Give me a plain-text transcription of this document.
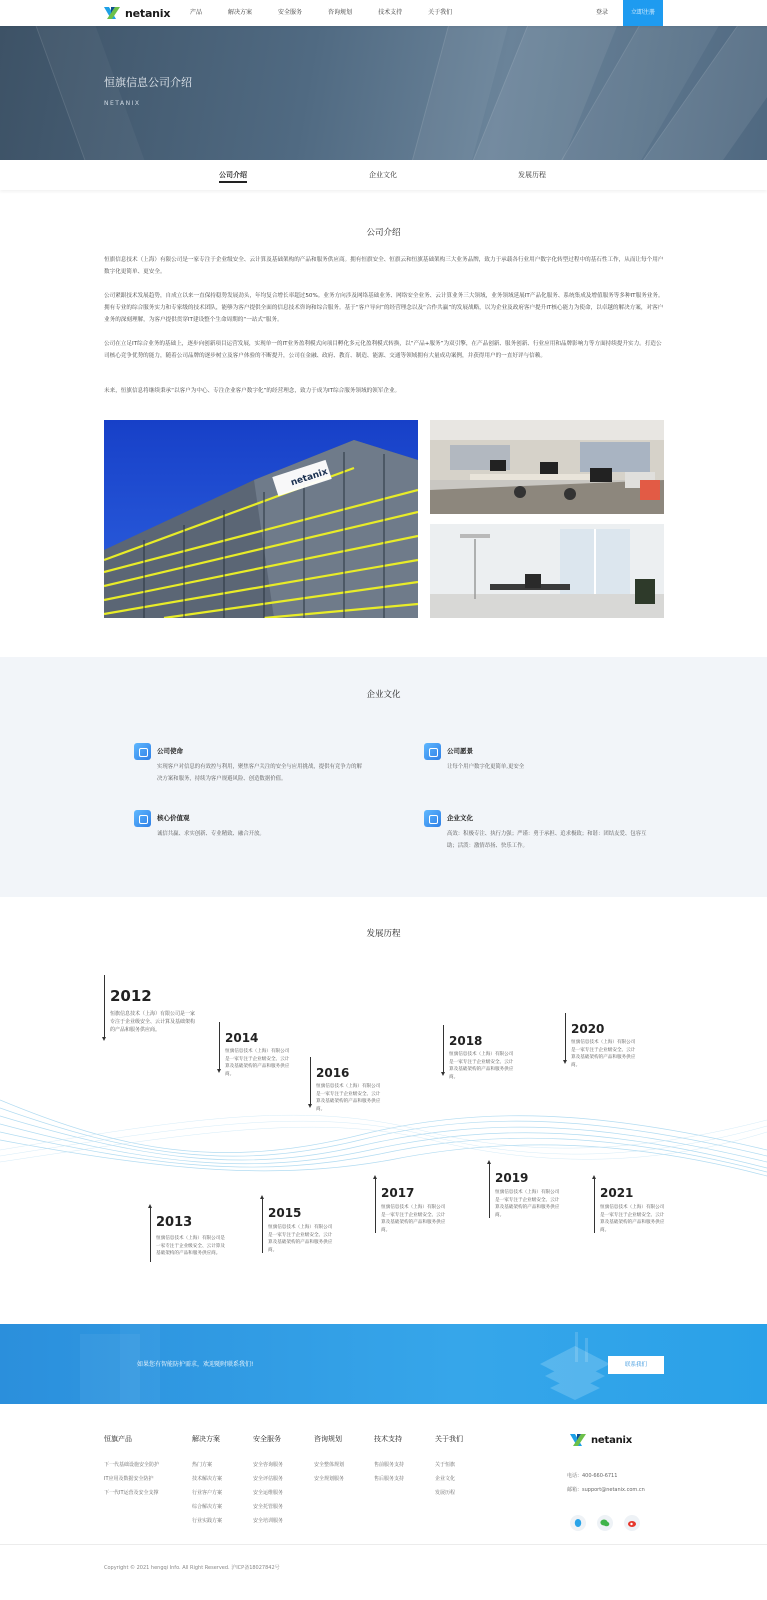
netanix	产品	解决方案	安全服务	咨询规划	技术支持	关于我们	登录	立即注册
恒旗信息公司介绍
NETANIX
公司介绍	企业文化	发展历程
公司介绍

恒旗信息技术（上海）有限公司是一家专注于企业级安全、云计算及基础架构的产品和服务供应商。拥有恒旗安全、恒旗云和恒旗基础架构三大业务品牌，致力于承载各行业用户数字化转型过程中的基石性工作，从而让每个用户数字化更简单、更安全。

公司紧跟技术发展趋势，自成立以来一直保持稳势发展劲头，年均复合增长率超过50%。业务方向涉及网络基础业务、网络安全业务、云计算业务三大领域，业务领域延展IT产品化服务、系统集成及增值服务等多种IT服务业务。拥有专业的综合服务实力和专家级的技术团队，能够为客户提供全面的信息技术咨询和综合服务。基于“客户导向”的经营理念以及“合作共赢”的发展战略，以为企业及政府客户提升IT核心能力为使命，以卓越的解决方案，对客户业务的深刻理解，为客户提供贯穿IT建设整个生命周期的“一站式”服务。

公司在立足IT综合业务的基础上，逐步向创新项目运营发展，实现单一的IT业务盈利模式向项目孵化多元化盈利模式转换，以“产品+服务”为双引擎，在产品创新、服务创新、行业应用和品牌影响力等方面持续提升实力。打造公司核心竞争优势的能力，随着公司品牌的逐步树立及客户体验的不断提升，公司在金融、政府、教育、制造、能源、交通等领域拥有大量成功案例，并获得用户的一直好评与信赖。

未来，恒旗信息将继续秉承“以客户为中心、专注企业客户数字化”的经营理念，致力于成为IT综合服务领域的领军企业。

netanix
企业文化
公司使命
实现客户对信息的有效控与利用，聚焦客户关注的安全与应用挑战，提供有竞争力的解决方案和服务，持续为客户规避风险、创造数据价值。
公司愿景
让每个用户数字化更简单,更安全
核心价值观
诚信共赢、求实创新、专业精致、融合开放。
企业文化
高效：积极专注、执行力强；严谨：勇于承担、追求极致；和谐：团结友爱、包容互助；活泼：激情昂扬、快乐工作。
发展历程
2012
恒旗信息技术（上海）有限公司是一家专注于企业级安全、云计算及基础架构的产品和服务供应商。
2014
恒旗信息技术（上海）有限公司是一家专注于企业级安全、云计算及基础架构的产品和服务供应商。	2016
恒旗信息技术（上海）有限公司是一家专注于企业级安全、云计算及基础架构的产品和服务供应商。
2018
恒旗信息技术（上海）有限公司是一家专注于企业级安全、云计算及基础架构的产品和服务供应商。
2020
恒旗信息技术（上海）有限公司是一家专注于企业级安全、云计算及基础架构的产品和服务供应商。
2013
恒旗信息技术（上海）有限公司是一家专注于企业级安全、云计算及基础架构的产品和服务供应商。
2015
恒旗信息技术（上海）有限公司是一家专注于企业级安全、云计算及基础架构的产品和服务供应商。
2017
恒旗信息技术（上海）有限公司是一家专注于企业级安全、云计算及基础架构的产品和服务供应商。
2019
恒旗信息技术（上海）有限公司是一家专注于企业级安全、云计算及基础架构的产品和服务供应商。
2021
恒旗信息技术（上海）有限公司是一家专注于企业级安全、云计算及基础架构的产品和服务供应商。
如果您有智能防护需求，欢迎随时联系我们!	联系我们
恒旗产品
下一代基础设施安全防护
IT应用及数据安全防护
下一代IT运营及安全支撑
解决方案
热门方案
技术解决方案
行业客户方案
综合解决方案
行业实践方案
安全服务
安全咨询服务
安全评估服务
安全运维服务
安全托管服务
安全培训服务
咨询规划
安全整体规划
安全规划服务
技术支持
售前服务支持
售后服务支持
关于我们
关于恒旗
企业文化
发展历程
netanix
电话：400-660-6711
邮箱：support@netanix.com.cn
Copyright © 2021 hengqi Info. All Right Reserved. 沪ICP备18027842号
